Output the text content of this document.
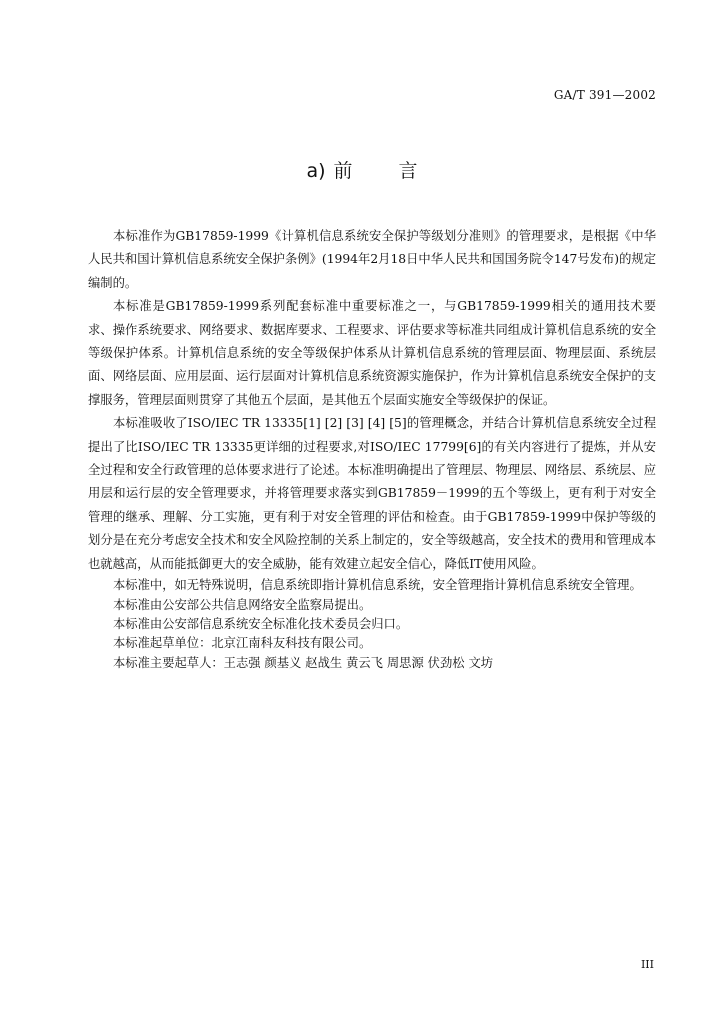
GA/T 391—2002
a) 前 言

本标准作为GB17859-1999《计算机信息系统安全保护等级划分准则》的管理要求，是根据《中华人民共和国计算机信息系统安全保护条例》(1994年2月18日中华人民共和国国务院令147号发布)的规定编制的。

本标准是GB17859-1999系列配套标准中重要标准之一，与GB17859-1999相关的通用技术要求、操作系统要求、网络要求、数据库要求、工程要求、评估要求等标准共同组成计算机信息系统的安全等级保护体系。计算机信息系统的安全等级保护体系从计算机信息系统的管理层面、物理层面、系统层面、网络层面、应用层面、运行层面对计算机信息系统资源实施保护，作为计算机信息系统安全保护的支撑服务，管理层面则贯穿了其他五个层面，是其他五个层面实施安全等级保护的保证。

本标准吸收了ISO/IEC TR 13335[1] [2] [3] [4] [5]的管理概念，并结合计算机信息系统安全过程提出了比ISO/IEC TR 13335更详细的过程要求,对ISO/IEC 17799[6]的有关内容进行了提炼，并从安全过程和安全行政管理的总体要求进行了论述。本标准明确提出了管理层、物理层、网络层、系统层、应用层和运行层的安全管理要求，并将管理要求落实到GB17859－1999的五个等级上，更有利于对安全管理的继承、理解、分工实施，更有利于对安全管理的评估和检查。由于GB17859-1999中保护等级的划分是在充分考虑安全技术和安全风险控制的关系上制定的，安全等级越高，安全技术的费用和管理成本也就越高，从而能抵御更大的安全威胁，能有效建立起安全信心，降低IT使用风险。

本标准中，如无特殊说明，信息系统即指计算机信息系统，安全管理指计算机信息系统安全管理。

本标准由公安部公共信息网络安全监察局提出。

本标准由公安部信息系统安全标准化技术委员会归口。

本标准起草单位：北京江南科友科技有限公司。

本标准主要起草人：王志强 颜基义 赵战生 黄云飞 周思源 伏劲松 文坊

III
